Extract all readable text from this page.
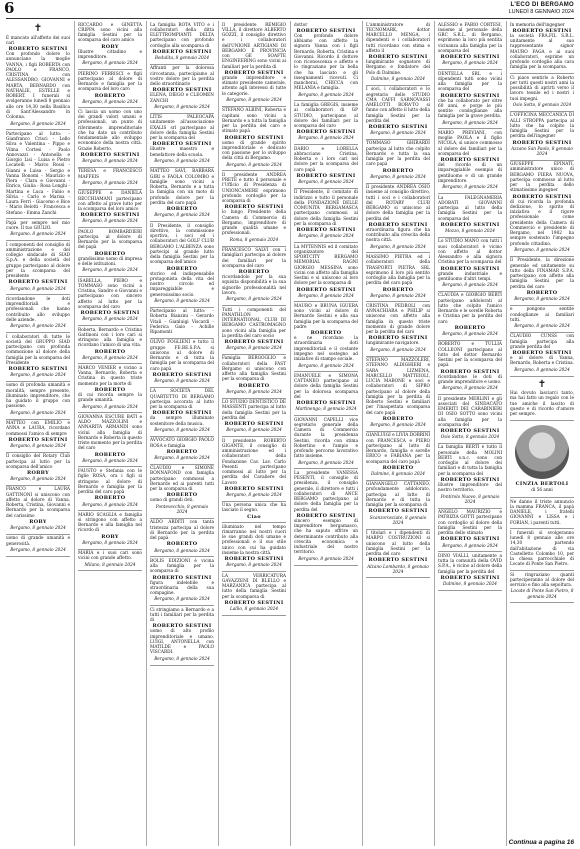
6	L'ECO DI BERGAMO
LUNEDÌ 8 GENNAIO 2024
✝

È mancato all'affetto dei suoi cari

ROBERTO SESTINI

Con profondo dolore lo annunciano la moglie VANNA, i figli ROBERTA con PAOLO e FRANCO, CRISTINA con ALESSANDRO, GIOVANNI e MARTA, BERNARDO con NATHALIE, ESTELLE e ROBERT. I funerali si svolgeranno lunedì 8 gennaio alle ore 14,30 nella Basilica di Sant'Alessandro in Colonna.

Bergamo, 8 gennaio 2024

Partecipano al lutto: - Gianfranco Crisci - Lello Silva e Valentina - Pippo e Vilma Cortesi - Paolo Annovazzi - Antonella e Giorgio Lisi - Luisa e Pietro Locatelli - Marco Rossi - Gianni e Luisa - Sergio e Vanna Bonomi - Maurizio e Piera - Clara e Giovanni - Enrico, Giulia - Rosa Longhi - Martina e Luca - Fabio e Silvia - Carlo e Marisa - Laura Ferri - Giacomo e Bice - Mario Belotti - Francesca e Stefano - Emma Zanchi

Papà per sempre nel mio cuore. Il tuo GIULIO.

Bergamo, 8 gennaio 2024

I componenti del consiglio di amministrazione e del collegio sindacale di SIAD S.p.A. e della società del gruppo partecipano al dolore per la scomparsa del presidente

ROBERTO SESTINI
Bergamo, 8 gennaio 2024

ricordandone le doti imprenditoriali e professionali che hanno contribuito allo sviluppo delle aziende.

Bergamo, 8 gennaio 2024

I collaboratori di tutte le società del GRUPPO SIAD partecipano con profonda commozione al dolore della famiglia per la scomparsa del Presidente

ROBERTO SESTINI
Bergamo, 8 gennaio 2024

uomo di profonda umanità e moralità, sempre presente, illuminato imprenditore, che ha guidato il gruppo con passione.

Bergamo, 8 gennaio 2024

MATTEO con EMILIO e ANNA e LAURA, ricordano commossi l'amico di sempre

ROBERTO SESTINI
Bergamo, 8 gennaio 2024

Il consiglio del Rotary Club partecipa al lutto per la scomparsa dell'amico

ROBBY
Bergamo, 8 gennaio 2024

FRANCO e LAURA GATTINONI si uniscono con affetto al dolore di Vanna, Roberta, Cristina, Giovanni e Bernardo per la scomparsa del carissimo

ROBY
Bergamo, 8 gennaio 2024

uomo di grande umanità e generosità.

Bergamo, 8 gennaio 2024

RICCARDO e GINETTA CRIPPA sono vicini alla famiglia Sestini per la scomparsa del caro amico

ROBY

Illustre cittadino e imprenditore.

Bergamo, 8 gennaio 2024

PIERINO FERRISCI e figli partecipano al dolore di Bernardo e famiglia per la scomparsa del loro caro

ROBERTO
Bergamo, 8 gennaio 2024

Ci lascia un uomo con uno dei grandi valori umani e professionali, un punto di riferimento imprenditoriale che ha dato un contributo fondamentale allo sviluppo economico della nostra città. Grazie Roberto.

ROBERTO SESTINI
Bergamo, 8 gennaio 2024

TERESA e FRANCESCO MAFFEIS

Bergamo, 8 gennaio 2024

GIUSEPPE e DANIELA RECCHIAMANI partecipano con affetto al grave lutto per la scomparsa del loro amico

ROBERTO SESTINI
Bergamo, 8 gennaio 2024

PAOLO BOMBARDIERI partecipa al dolore di Bernardo per la scomparsa del papà

ROBERTO

grandissimo uomo di impresa e delle istituzioni.

Bergamo, 8 gennaio 2024

ISABELLA, PIERO e TOMMASO sono vicini a Cristina, Sandro e Giovanni e partecipano con sincero affetto al lutto per la scomparsa del caro

ROBERTO SESTINI
Bergamo, 8 gennaio 2024

Roberta, Bernardo e Cristina Gattinoni con i loro cari si stringono alla famiglia e ricordano l'amico di una vita.

ROBERTO
Bergamo, 8 gennaio 2024

MARCO VENIER e vicino a Vanna, Bernardo, Roberta e Cristina in questo triste momento per la morte di

ROBERTO

di cui ricorda sempre la grande umanità.

Bergamo, 8 gennaio 2024

GIOVANNA ESCURE BATI e ALDO MAZZOLINI e ANNARITA ARMANDI sono vicini alla famiglia di Bernardo e Roberta in questo triste momento per la perdita del caro

ROBERTO
Bergamo, 8 gennaio 2024

FAUSTO e Stefania con le figlie ROSA, ora i figli si stringono al dolore di Bernardo e famiglia per la perdita del caro papà

ROBERTO
Bergamo, 8 gennaio 2024

MARIO SCAGLIA e famiglia si stringono con affetto a Bernardo e alla famiglia nel ricordo di

ROBY
Bergamo, 8 gennaio 2024

MARIA e i suoi cari sono vicini con grande affetto.

Milano, 8 gennaio 2024

La famiglia ROTA VITO e i collaboratori della ditta ELETTROMPIANTI DELTA partecipano con profondo cordoglio alla scomparsa di

ROBERTO SESTINI
Bedulita, 8 gennaio 2024

Affranti per la dolorosa circostanza, partecipiamo al vostro dolore per la perdita dello straordinario

ROBERTO SESTINI

ELENA, DIEGO e CLEOMEN ZANCHI

Bergamo, 8 gennaio 2024

LITIS PALEOCAPA unitamente all'associazione EXALIS srl partecipano al dolore della famiglia Sestini per la scomparsa del

ROBERTO SESTINI

illustre maestro e benefattore della scuola.

Bergamo, 8 gennaio 2024

MATTEO SAVI, BARBARA GIRI e FAOLA COLOMBO e famiglie sono vicini a Roberta, Bernardo e a tutta la famiglia con un moto di profondo dolore per la perdita del caro papà

ROBERTO
Bergamo, 8 gennaio 2024

Il Presidente, il consiglio direttivo, la commissione sportiva, i soci ed i collaboratori del GOLF CLUB BERGAMO L'ALBENZA sono partecipi al grande lutto della famiglia Sestini per la scomparsa dell'amico

ROBERTO

storico ed indispensabile protagonista della vita del nostro circolo ed impareggiabile e generosissimo socio.

Bergamo, 8 gennaio 2024

Partecipano al lutto: - Roberta Bianzini - Gerardo Vitali - Gianluigi Viscardi - Federica Gaio - Achille Ripamonti

OLIVO FOGLIENI e tutto il gruppo FE.BE.S.P.A. si uniscono al dolore di Bernardo e di tutta la famiglia per la scomparsa del caro papà

ROBERTO SESTINI
Bergamo, 8 gennaio 2024

LA SOCIETÀ DEL QUARTETTO DI BERGAMO partecipa accorata al lutto per la scomparsa di

ROBERTO SESTINI

da sempre illuminato sostenitore della musica.

Bergamo, 8 gennaio 2024

AVVOCATO GIORGIO PAOLO ROSA e famiglia

ROBERTO
Bergamo, 8 gennaio 2024

CLAUDIO e SIMONE BONNAFOND con famiglia partecipano commossi a Bernardo ed ai parenti tutti per la scomparsa di

ROBERTO

uomo di grandi doti.

Pontevecchio, 8 gennaio 2024

ALDO ARDITI con tanta tristezza partecipa al dolore di Bernardo per la perdita del papà

ROBERTO
Bergamo, 8 gennaio 2024

BOLIS EDIZIONI è vicina alla famiglia per la scomparsa di

ROBERTO SESTINI

figura indelebile e straordinaria della sua compagine.

Bergamo, 8 gennaio 2024

Ci stringiamo a Bernardo e a tutti i familiari per la perdita di

ROBERTO SESTINI

uomo di alto profilo imprenditoriale e umano. LUIGI, ANTONELLA con MATILDE e PAOLO VISCARDI.

Bergamo, 8 gennaio 2024

Il presidente REMIGIO VILLA, il direttore ALBERTO GOZZI, il consiglio direttivo e i collaboratori dell'UNIONE ARTIGIANI DI BERGAMO E PROVINCIA con GE SOAFTE ENGINEERING sono vicini ai familiari per la perdita di

ROBERTO SESTINI

grande imprenditore e stimato presidente camerale, attento agli interessi di tutte le categorie.

Bergamo, 8 gennaio 2024

STEFANO ALBINI, Roberta e capitani sono vicini a Bernardo e a tutta la famiglia per la perdita del caro e stimato papà

ROBERTO SESTINI

uomo di grande spirito imprenditoriale e dedicato con passione per lo sviluppo della città di Bergamo.

Bergamo, 8 gennaio 2024

Il presidente ANDREA PRETE e tutto il personale e l'Ufficio di Presidenza di UNIONCAMERE esprimono profondo cordoglio per la scomparsa di

ROBERTO SESTINI

lo lungo Presidente della Camera di Commercio di Bergamo, imprenditore di grande qualità umane e professionali.

Roma, 8 gennaio 2024

FRANCESCO SALVI con i famigliari partecipa al dolore dei familiari per la scomparsa del caro

ROBERTO

ricordandolo per la sua squisita disponibilità e la sua signorile professionalità nel lavoro.

Bergamo, 8 gennaio 2024

Tutti i componenti del PANATHLON INTERNATIONAL CLUB DI BERGAMO CASTROMAGNO sono vicini alla famiglia per la perdita del caro socio

ROBERTO SESTINI
Bergamo, 8 gennaio 2024

Famiglia BERGOGLIO e collaboratori della FAST Bergamo si uniscono con affetto alla famiglia Sestini per la scomparsa di

ROBERTO
Bergamo, 8 gennaio 2024

LO STUDIO DENTISTICO DE MASSENTI partecipa al lutto della famiglia Sestini per la perdita del

ROBERTO SESTINI
Bergamo, 8 gennaio 2024

Il presidente ROBERTO GIGANTE, il consiglio di amministrazione ed i collaboratori della Fondazione Cav. Lav. Carlo Pesenti partecipano commossi al lutto per la perdita del Cavaliere del Lavoro

ROBERTO SESTINI
Bergamo, 8 gennaio 2024

Una persona unica che ha lasciato il segno.

Ciao

illuminato nel tempo rimarranno nei nostri cuori le sue grandi doti umane e professionali e il suo stile unico con cui ha guidato insieme la nostra città.

ROBERTO SESTINI
Bergamo, 8 gennaio 2024

LA VERRICATURA GAVAZZENI DI BLELLO e MARZANICA partecipa al lutto della famiglia Sestini per la scomparsa di

ROBERTO SESTINI
Lallio, 8 gennaio 2024

dottor

ROBERTO SESTINI

Con profondo dolore abbiamo con affetto la signora Vanna con i figli Bernardo, Roberta, Cristina e Giovanni. Ricordo il dottore con riconoscenza e affetto e lo ringraziano per la bella che ha lasciato e gli insegnamenti ricevuti. Ci mancherai, CHICCA con MELANIA e famiglia.

Bergamo, 8 gennaio 2024

La famiglia GREGIS, insieme ai collaboratori di GP STUDIO, partecipano al dolore dei familiari per la scomparsa del caro

ROBERTO SESTINI
Bergamo, 8 gennaio 2024

DARIO e LORELLA abbracciano Cristina, Roberta e i loro cari nel dolore per la scomparsa del caro papà

ROBERTO SESTINI
Bergamo, 8 gennaio 2024

Il Presidente, il comitato di indirizzo e tutto il personale della FONDAZIONE DELLE COMUNITÀ BERGAMASCA partecipano commossi al dolore della famiglia Sestini per la scomparsa di

ROBERTO SESTINI
Bergamo, 8 gennaio 2024

La MYTENNIS ed il comitato organizzatore del SPORTCITY BERGAMO MEMORIAL RAGNI GIORGIO MESSINA sono vicini con affetto alla famiglia Sestini e si uniscono al loro dolore per la scomparsa di

ROBERTO SESTINI
Bergamo, 8 gennaio 2024

MAURO e BRUNA IGUERA sono vicini al dolore di Bernardo Sestini e alla sua famiglia per la scomparsa del padre

ROBERTO

e ne ricordano la straordinaria doti imprenditoriali e il costante impegno nel sostegno ad iniziative di stampo sociale.

Bergamo, 8 gennaio 2024

EMANUELE e SIMONA CATTANEO partecipano al dolore della famiglia Sestini per la dolorosa scomparsa del

ROBERTO SESTINI
Martinengo, 8 gennaio 2024

GIOVANNI CAPELLI vice segretario generale della Camera di Commercio durante la presidenza Sestini, ricorda con stima Robertino e l'ampio e profondo percorso lavorativo fatto insieme.

Bergamo, 8 gennaio 2024

La presidente VANESSA PESENTI, il consiglio di presidenza, il consiglio generale, il direttore e tutti i collaboratori di ANCE BERGAMO partecipano al dolore della famiglia per la perdita del

ROBERTO SESTINI

sincero esempio di imprenditore bergamasco, che ha saputo offrire un determinante contributo alla crescita economica e industriale del nostro territorio.

Bergamo, 8 gennaio 2024

L'amministratore di TECNOMARK, dottor MARCELLO MENGA, i dipendenti e i collaboratori tutti ricordano con stima e affetto il

ROBERTO SESTINI

lungimirante sognatore di Bergamo e fondatore del Polo di Dalmine.

Dalmine, 8 gennaio 2024

I soci, i collaboratori e lo segretario dello STUDIO CMA CAFFI SARNOVASSI AMELOTTI RORA'TO si fanno con affetto il lutto della famiglia Sestini per la perdita del

ROBERTO SESTINI
Bergamo, 8 gennaio 2024

TOMMASO GHIRARDI partecipa al lutto che colpito Bernardo e tutta la sua famiglia per la perdita del caro papà

ROBERTO
Bergamo, 8 gennaio 2024

Il presidente ANDREA OSIO insieme al consiglio direttivo, tutti i soci e i collaboratori del ROTARY CLUB BERGAMO si uniscono al dolore della famiglia per la perdita del

ROBERTO SESTINI

straordinaria figura che ha contribuito alla crescita della nostra città.

Bergamo, 8 gennaio 2024

MASSIMO PIETRA ed i collaboratori della TRASPORTI PIETRA SRL esprimono il loro più sentito cordoglio alla famiglia per la perdita del caro papà

ROBERTO
Bergamo, 8 gennaio 2024

CRISTINA PEDROLI con ANNACHIARA e PHILIP si uniscono con affetto alla famiglia in questo triste momento di grande dolore per la perdita del caro

ROBERTO SESTINI

lungimirante navigatore.

Bergamo, 8 gennaio 2024

STEFANO MAZZOLERI, STEFANO ALDIGHIERI e SARA LIZMENA, MARCELLO MATTEIOLI, LUCIA MABONE e soci e collaboratori di SIPRO partecipano al dolore della famiglia per la perdita di Roberto Sestini e familiari per l'inaspettata scomparsa del caro papà

ROBERTO
Bergamo, 8 gennaio 2024

GIANLUIGI e LIVIA DOBRINI con FRANCESCA e PIERO partecipano al lutto di Bernardo, famiglia e sorelle ERICO e FABIANA per la scomparsa del caro papà

ROBERTO
Dalmine, 8 gennaio 2024

GIANANGELO CATTANEO, profondamente addolorato, partecipa al lutto di Bernardo e di tutta la famiglia per la scomparsa di

ROBERTO SESTINI
Scanzorosciate, 8 gennaio 2024

I titolari e i dipendenti di MARPO COSTRUZIONI si uniscono al lutto della famiglia Sestini per la perdita del caro

ROBERTO SESTINI
Alzano Lombardo, 8 gennaio 2024

ALESSIO e FABIO CORTESI, insieme al personale della GRC S.R.L. di Bergamo, esprimono la loro più sentita vicinanza alla famiglia per la scomparsa del

ROBERTO SESTINI
Bergamo, 8 gennaio 2024

DENTELLA SRL e i dipendenti tutti sono vicini alla famiglia per la scomparsa del

ROBERTO SESTINI

che ha collaborato per oltre 60 anni, e porge le più sentite condoglianze alla famiglia per la grave perdita.

Bergamo, 8 gennaio 2024

MARIO PREVIANI, con moglie PAOLA e il figlio NICOLA, si unisce commosso al dolore dei familiari per la scomparsa del

ROBERTO SESTINI

del ricordo di un impareggiabile esempio di gentiluomo e di un grande imprenditore.

Bergamo, 8 gennaio 2024

La FALEGNAMERIA ADOBATI GIOVANNI partecipa al lutto della famiglia Sestini per la scomparsa del

ROBERTO SESTINI
Mozzo, 8 gennaio 2024

Lo STUDIO MANO con tutti i suoi collaboratori è vicino con affetto al dottor Alessandro e alla signora Cristina per la scomparsa del

ROBERTO SESTINI

grande industriale e gentiluomo d'altri tempi.

Bergamo, 8 gennaio 2024

CLAUDIA e GIORGIO BERTI partecipano addolorati al lutto che colpito l'amico Bernardo e le sorelle Roberta e Cristina per la perdita del caro

ROBERTO
Bergamo, 8 gennaio 2024

ROBERTO e TULLIA COLLEONI partecipano al lutto del dottor Bernardo Sestini per la scomparsa del papà

ROBERTO SESTINI

ricordandone le doti di grande imprenditore e uomo.

Bergamo, 8 gennaio 2024

Il presidente MERLINI e gli associati del SINDACATO EMERITI DEI CARABINIERI DI OSIO SOTTO sono vicini alla famiglia per la scomparsa del

ROBERTO SESTINI
Osio Sotto, 8 gennaio 2024

La famiglia BERTI e tutto il personale della MOLINI BERTI s.n.c. sono con cordoglio al dolore dei familiari e di tutta la famiglia per la scomparsa del

ROBERTO SESTINI

illustre imprenditore del nostro territorio.

Pontirolo Nuovo, 8 gennaio 2024

ANGELO MAURIZIO e PATRIZIA GOTTI partecipano con cordoglio al dolore della famiglia Sestini per la perdita dello stimato

ROBERTO SESTINI
Bergamo, 8 gennaio 2024

DINO VIALLI, unitamente a tutta la comunità della OVID S.P.A., è vicino al dolore della famiglia per la perdita del

ROBERTO SESTINI
Dalmine, 8 gennaio 2024

In memoria dell'ingegner

ROBERTO SESTINI

la società FRA.FIL S.R.L. unitamente al suo rappresentante signor MAURO FAGA e ai suoi collaboratori, esprime un profondo cordoglio alla cara famiglia per la scomparsa.

Ci piace sentirlo a Roberto per tutti questi nostri anni la possibilità di aprirti verso il lavoro tessile ed i nostri i tuoi impegni.

Osio Sotto, 8 gennaio 2024

L'OFFICINA MECCANICA DI ALLI STROPPA partecipa al lutto che ha colpito la famiglia Sestini per la perdita dell'ingegner

ROBERTO SESTINI
Azzano San Paolo, 8 gennaio 2024

GIUSEPPE EPINATI, amministratore unico di BERGAMO FIERA NUOVA, partecipa commosso al lutto per la perdita dello stimatissimo ingegner

ROBERTO SESTINI

di cui ricorda la profonda dedizione, lo spirito di iniziativa e il rigore professionale come presidente della Camera di Commercio e presidente di Bergamo, nel 1982 ha sempre sostenuto l'impegno profondo cittadino.

Bergamo, 8 gennaio 2024

Il Presidente, la direzione generale ed unitamente su tutto della FINAMAR S.P.A. partecipano con affetto alla famiglia Sestini per la perdita del caro

ROBERTO
Bergamo, 8 gennaio 2024

e pongono sentite condoglianze ai familiari tutti.

Bergamo, 8 gennaio 2024

CLAUDIO CUNSS con famiglia partecipa alla grande perdita del

ROBERTO SESTINI

e al dolore di Vanna, Bernardo, Roberta e Cristina.

Bergamo, 8 gennaio 2024
✝

Hai dovuto lasciarci tanto, ma hai fatto un regalo con le tue amiche il lascito di questo e di ricordo d'amore per sempre.

CINZIA BERTOLI
di 56 anni

Ne danno il triste annuncio la mamma FRANCA, il papà DANIELE, i fratelli GIOVANNI e LISSA e i FORIAN, i parenti tutti.

I funerali si svolgeranno lunedì 8 gennaio alle ore 14,30 partendo dall'abitazione di via Castelletto Colombo 10, per la chiesa parrocchiale di Locate di Ponte San Pietro.

Si ringraziano quanti parteciperanno al dolore del servizio e fino alla sepoltura.

Locate di Ponte San Pietro, 8 gennaio 2024
Continua a pagina 16
